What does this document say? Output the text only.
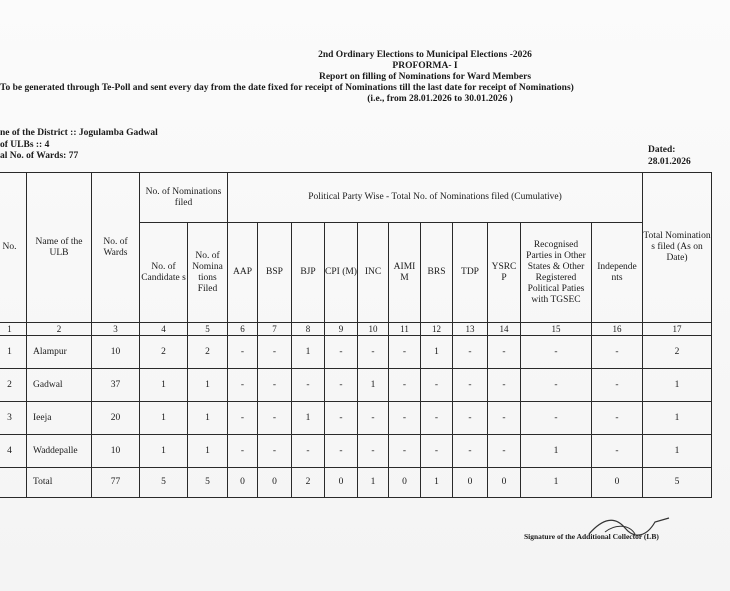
2nd Ordinary Elections to Municipal Elections -2026
PROFORMA- I
Report on filling of Nominations for Ward Members
To be generated through Te-Poll and sent every day from the date fixed for receipt of Nominations till the last date for receipt of Nominations)
(i.e., from 28.01.2026 to 30.01.2026 )
ne of the District :: Jogulamba Gadwal
of ULBs :: 4
al No. of Wards: 77
Dated:
28.01.2026
No.	Name of the ULB	No. of Wards	No. of Nominations filed		Political Party Wise - Total No. of Nominations filed (Cumulative)											Total Nomination s filed (As on Date)
			No. of Candidate s	No. of Nomina tions Filed	AAP	BSP	BJP	CPI (M)	INC	AIMI M	BRS	TDP	YSRC P	Recognised Parties in Other States & Other Registered Political Paties with TGSEC	Independe nts	
1	2	3	4	5	6	7	8	9	10	11	12	13	14	15	16	17
1	Alampur	10	2	2	-	-	1	-	-	-	1	-	-	-	-	2
2	Gadwal	37	1	1	-	-	-	-	1	-	-	-	-	-	-	1
3	Ieeja	20	1	1	-	-	1	-	-	-	-	-	-	-	-	1
4	Waddepalle	10	1	1	-	-	-	-	-	-	-	-	-	1	-	1
	Total	77	5	5	0	0	2	0	1	0	1	0	0	1	0	5
Signature of the Additional Collector (LB)
